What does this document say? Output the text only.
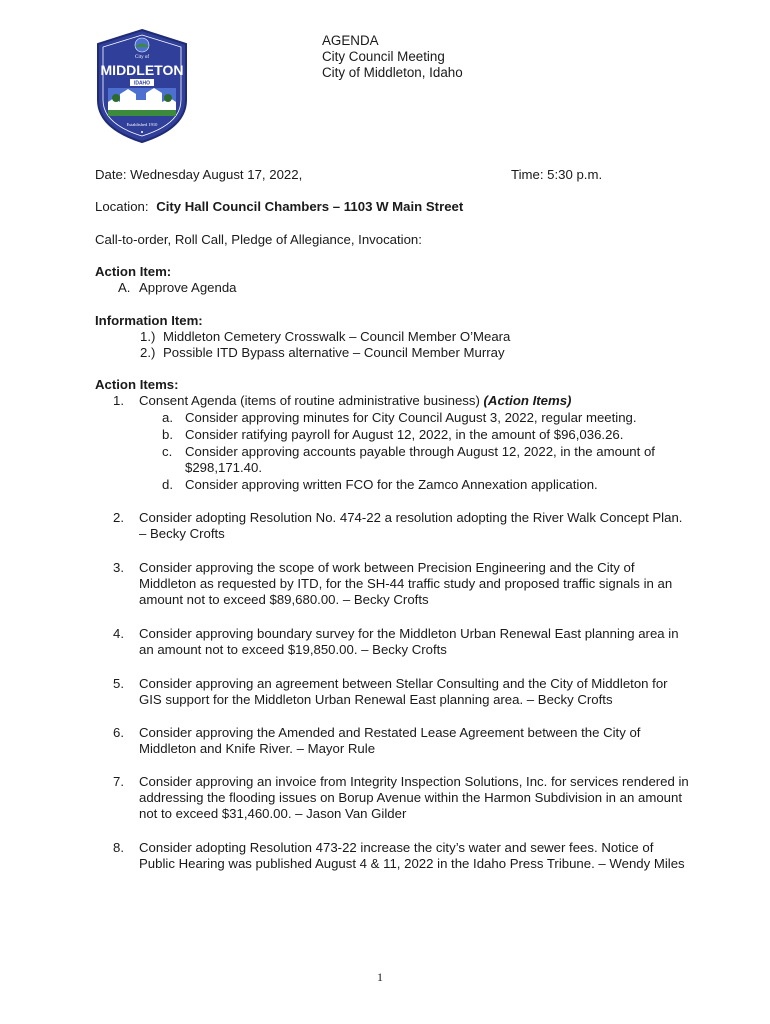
City of
MIDDLETON
IDAHO
Established 1910
AGENDA
City Council Meeting
City of Middleton, Idaho
Date: Wednesday August 17, 2022,	Time: 5:30 p.m.
Location: City Hall Council Chambers – 1103 W Main Street
Call-to-order, Roll Call, Pledge of Allegiance, Invocation:
Action Item:
A. Approve Agenda
Information Item:
1.) Middleton Cemetery Crosswalk – Council Member O’Meara
2.) Possible ITD Bypass alternative – Council Member Murray
Action Items:
1. Consent Agenda (items of routine administrative business) (Action Items)
a. Consider approving minutes for City Council August 3, 2022, regular meeting.
b. Consider ratifying payroll for August 12, 2022, in the amount of $96,036.26.
c. Consider approving accounts payable through August 12, 2022, in the amount of $298,171.40.
d. Consider approving written FCO for the Zamco Annexation application.
2. Consider adopting Resolution No. 474-22 a resolution adopting the River Walk Concept Plan. – Becky Crofts
3. Consider approving the scope of work between Precision Engineering and the City of Middleton as requested by ITD, for the SH-44 traffic study and proposed traffic signals in an amount not to exceed $89,680.00. – Becky Crofts
4. Consider approving boundary survey for the Middleton Urban Renewal East planning area in an amount not to exceed $19,850.00. – Becky Crofts
5. Consider approving an agreement between Stellar Consulting and the City of Middleton for GIS support for the Middleton Urban Renewal East planning area. – Becky Crofts
6. Consider approving the Amended and Restated Lease Agreement between the City of Middleton and Knife River. – Mayor Rule
7. Consider approving an invoice from Integrity Inspection Solutions, Inc. for services rendered in addressing the flooding issues on Borup Avenue within the Harmon Subdivision in an amount not to exceed $31,460.00. – Jason Van Gilder
8. Consider adopting Resolution 473-22 increase the city’s water and sewer fees. Notice of Public Hearing was published August 4 & 11, 2022 in the Idaho Press Tribune. – Wendy Miles
1
